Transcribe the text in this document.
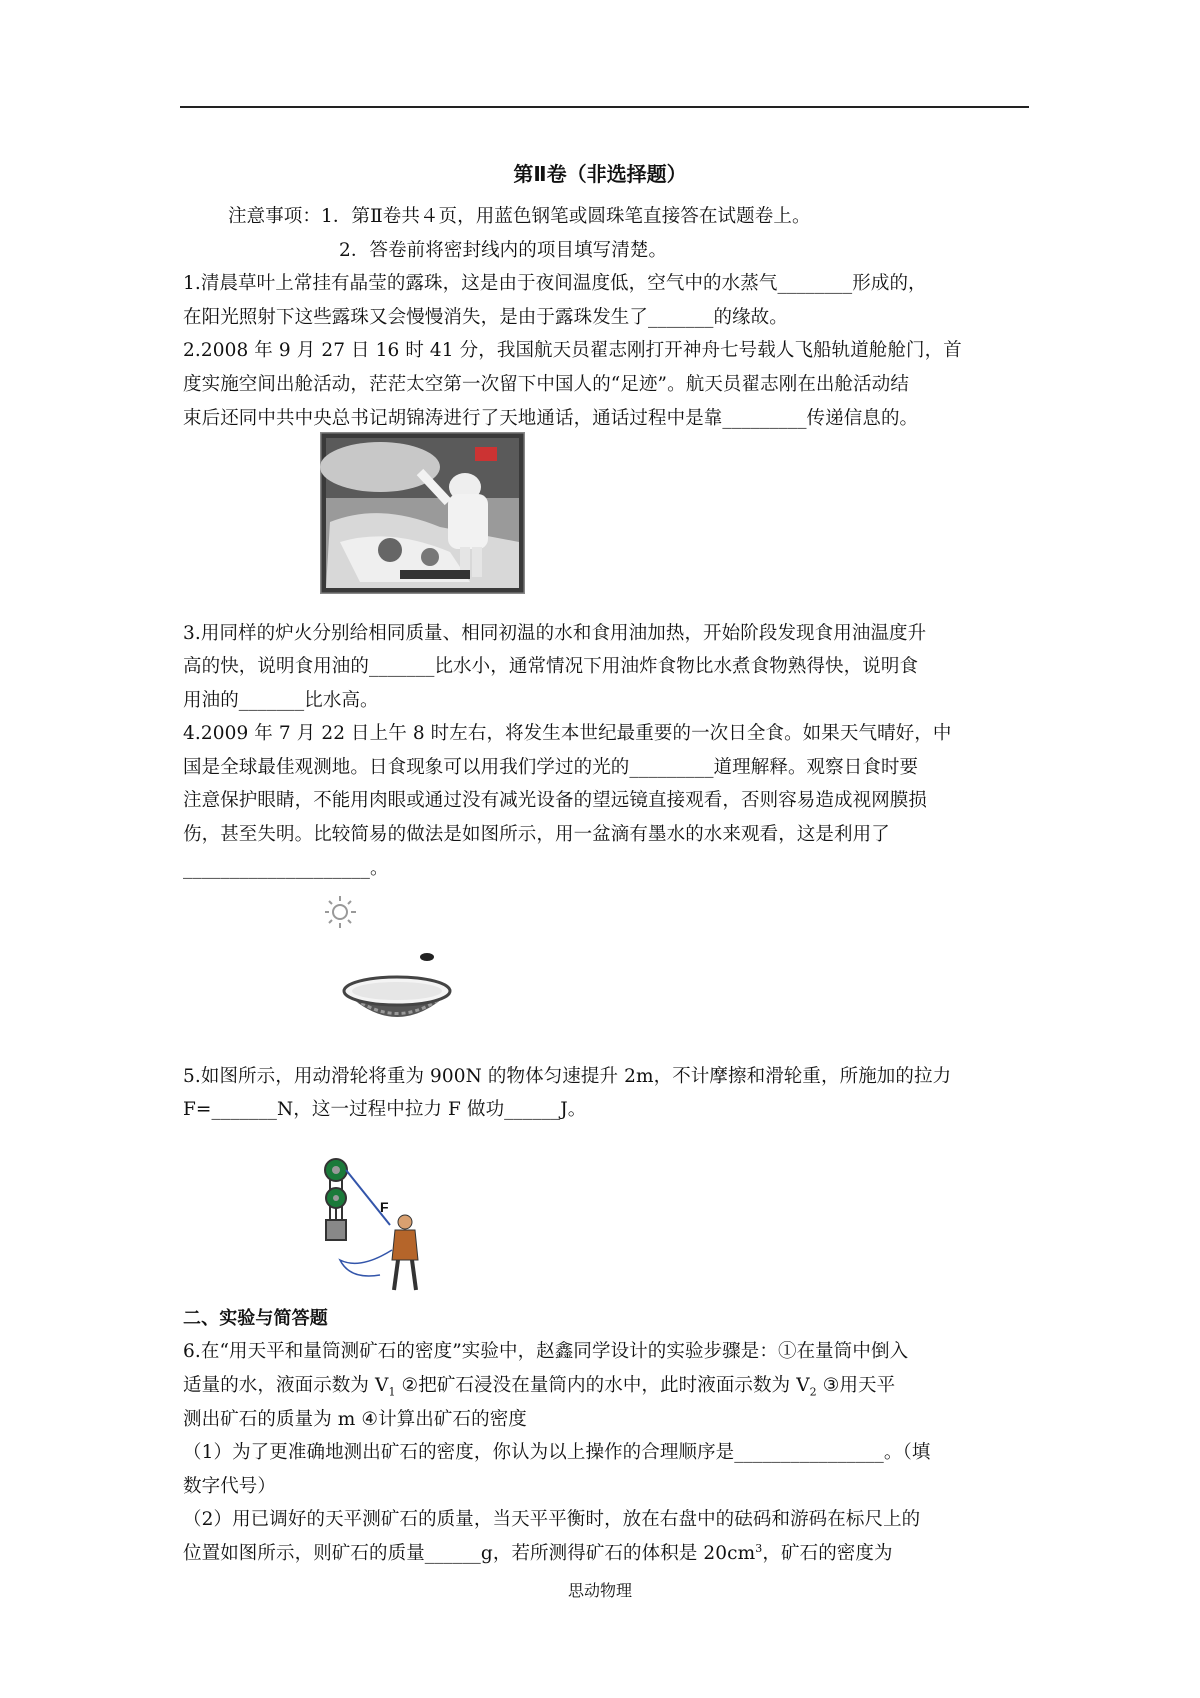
第Ⅱ卷（非选择题）
注意事项：1．第Ⅱ卷共４页，用蓝色钢笔或圆珠笔直接答在试题卷上。
2．答卷前将密封线内的项目填写清楚。
1.清晨草叶上常挂有晶莹的露珠，这是由于夜间温度低，空气中的水蒸气________形成的，
在阳光照射下这些露珠又会慢慢消失，是由于露珠发生了_______的缘故。
2.2008 年 9 月 27 日 16 时 41 分，我国航天员翟志刚打开神舟七号载人飞船轨道舱舱门，首
度实施空间出舱活动，茫茫太空第一次留下中国人的“足迹”。航天员翟志刚在出舱活动结
束后还同中共中央总书记胡锦涛进行了天地通话，通话过程中是靠_________传递信息的。
3.用同样的炉火分别给相同质量、相同初温的水和食用油加热，开始阶段发现食用油温度升
高的快，说明食用油的_______比水小，通常情况下用油炸食物比水煮食物熟得快，说明食
用油的_______比水高。
4.2009 年 7 月 22 日上午 8 时左右，将发生本世纪最重要的一次日全食。如果天气晴好，中
国是全球最佳观测地。日食现象可以用我们学过的光的_________道理解释。观察日食时要
注意保护眼睛，不能用肉眼或通过没有减光设备的望远镜直接观看，否则容易造成视网膜损
伤，甚至失明。比较简易的做法是如图所示，用一盆滴有墨水的水来观看，这是利用了
____________________。
5.如图所示，用动滑轮将重为 900N 的物体匀速提升 2m，不计摩擦和滑轮重，所施加的拉力
F=_______N，这一过程中拉力 F 做功______J。
F
二、实验与简答题
6.在“用天平和量筒测矿石的密度”实验中，赵鑫同学设计的实验步骤是：①在量筒中倒入
适量的水，液面示数为 $V_1$ ②把矿石浸没在量筒内的水中，此时液面示数为 $V_2$ ③用天平
测出矿石的质量为 m ④计算出矿石的密度
（1）为了更准确地测出矿石的密度，你认为以上操作的合理顺序是________________。（填
数字代号）
（2）用已调好的天平测矿石的质量，当天平平衡时，放在右盘中的砝码和游码在标尺上的
位置如图所示，则矿石的质量______g，若所测得矿石的体积是 $20cm^3$，矿石的密度为
思动物理
